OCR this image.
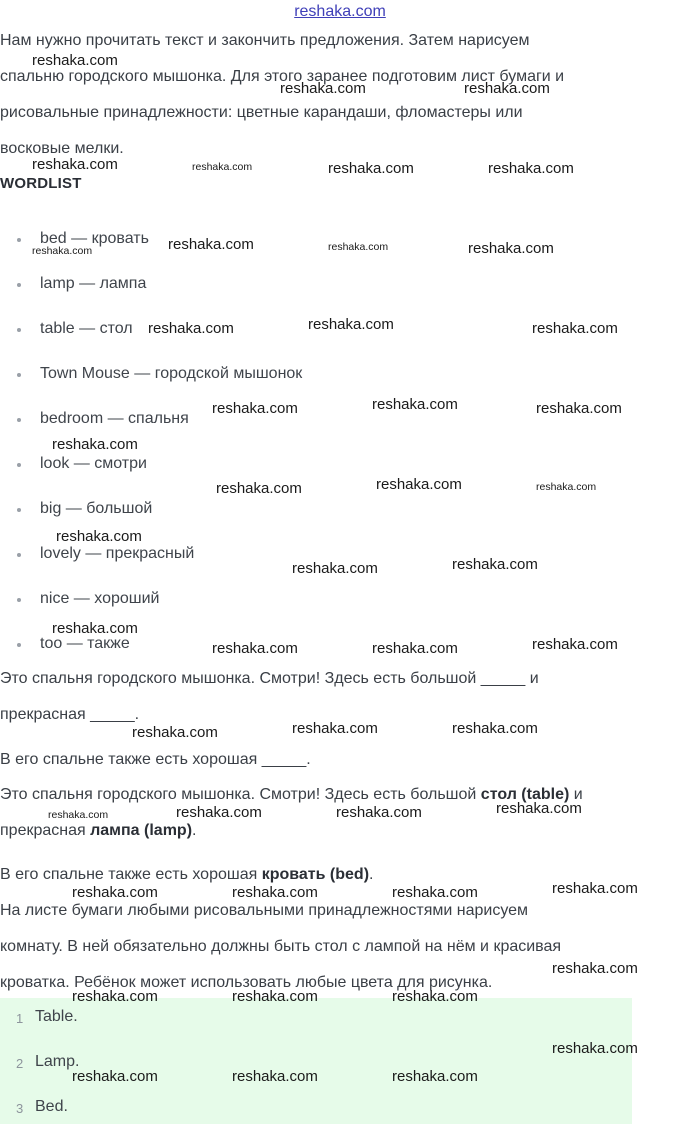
reshaka.com

Нам нужно прочитать текст и закончить предложения. Затем нарисуем

спальню городского мышонка. Для этого заранее подготовим лист бумаги и

рисовальные принадлежности: цветные карандаши, фломастеры или

восковые мелки.

WORDLIST
bed — кровать
lamp — лампа
table — стол
Town Mouse — городской мышонок
bedroom — спальня
look — смотри
big — большой
lovely — прекрасный
nice — хороший
too — также

Это спальня городского мышонка. Смотри! Здесь есть большой _____ и

прекрасная _____.

В его спальне также есть хорошая _____.

Это спальня городского мышонка. Смотри! Здесь есть большой стол (table) и

прекрасная лампа (lamp).

В его спальне также есть хорошая кровать (bed).

На листе бумаги любыми рисовальными принадлежностями нарисуем

комнату. В ней обязательно должны быть стол с лампой на нём и красивая

кроватка. Ребёнок может использовать любые цвета для рисунка.

1 Table.
2 Lamp.
3 Bed.
reshaka.com
reshaka.com	reshaka.com
reshaka.com	reshaka.com	reshaka.com	reshaka.com
reshaka.com	reshaka.com	reshaka.com	reshaka.com
reshaka.com	reshaka.com	reshaka.com
reshaka.com	reshaka.com	reshaka.com
reshaka.com
reshaka.com	reshaka.com	reshaka.com
reshaka.com
reshaka.com	reshaka.com
reshaka.com
reshaka.com	reshaka.com	reshaka.com
reshaka.com	reshaka.com	reshaka.com
reshaka.com	reshaka.com	reshaka.com	reshaka.com
reshaka.com	reshaka.com	reshaka.com	reshaka.com
reshaka.com
reshaka.com	reshaka.com	reshaka.com
reshaka.com
reshaka.com	reshaka.com	reshaka.com
